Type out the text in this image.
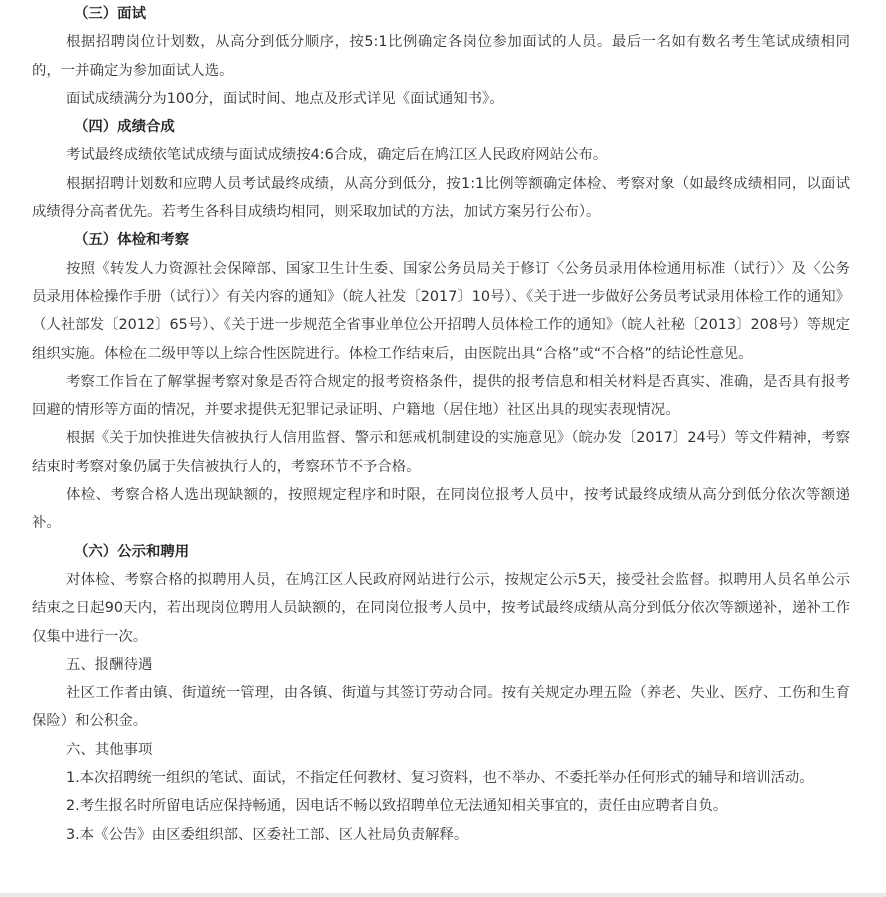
（三）面试

根据招聘岗位计划数，从高分到低分顺序，按5:1比例确定各岗位参加面试的人员。最后一名如有数名考生笔试成绩相同的，一并确定为参加面试人选。

面试成绩满分为100分，面试时间、地点及形式详见《面试通知书》。

（四）成绩合成

考试最终成绩依笔试成绩与面试成绩按4:6合成，确定后在鸠江区人民政府网站公布。

根据招聘计划数和应聘人员考试最终成绩，从高分到低分，按1:1比例等额确定体检、考察对象（如最终成绩相同，以面试成绩得分高者优先。若考生各科目成绩均相同，则采取加试的方法，加试方案另行公布）。

（五）体检和考察

按照《转发人力资源社会保障部、国家卫生计生委、国家公务员局关于修订〈公务员录用体检通用标准（试行）〉及〈公务员录用体检操作手册（试行）〉有关内容的通知》（皖人社发〔2017〕10号）、《关于进一步做好公务员考试录用体检工作的通知》（人社部发〔2012〕65号）、《关于进一步规范全省事业单位公开招聘人员体检工作的通知》（皖人社秘〔2013〕208号）等规定组织实施。体检在二级甲等以上综合性医院进行。体检工作结束后，由医院出具“合格”或“不合格”的结论性意见。

考察工作旨在了解掌握考察对象是否符合规定的报考资格条件，提供的报考信息和相关材料是否真实、准确，是否具有报考回避的情形等方面的情况，并要求提供无犯罪记录证明、户籍地（居住地）社区出具的现实表现情况。

根据《关于加快推进失信被执行人信用监督、警示和惩戒机制建设的实施意见》（皖办发〔2017〕24号）等文件精神，考察结束时考察对象仍属于失信被执行人的，考察环节不予合格。

体检、考察合格人选出现缺额的，按照规定程序和时限，在同岗位报考人员中，按考试最终成绩从高分到低分依次等额递补。

（六）公示和聘用

对体检、考察合格的拟聘用人员，在鸠江区人民政府网站进行公示，按规定公示5天，接受社会监督。拟聘用人员名单公示结束之日起90天内，若出现岗位聘用人员缺额的，在同岗位报考人员中，按考试最终成绩从高分到低分依次等额递补，递补工作仅集中进行一次。

五、报酬待遇

社区工作者由镇、街道统一管理，由各镇、街道与其签订劳动合同。按有关规定办理五险（养老、失业、医疗、工伤和生育保险）和公积金。

六、其他事项

1.本次招聘统一组织的笔试、面试，不指定任何教材、复习资料，也不举办、不委托举办任何形式的辅导和培训活动。

2.考生报名时所留电话应保持畅通，因电话不畅以致招聘单位无法通知相关事宜的，责任由应聘者自负。

3.本《公告》由区委组织部、区委社工部、区人社局负责解释。
